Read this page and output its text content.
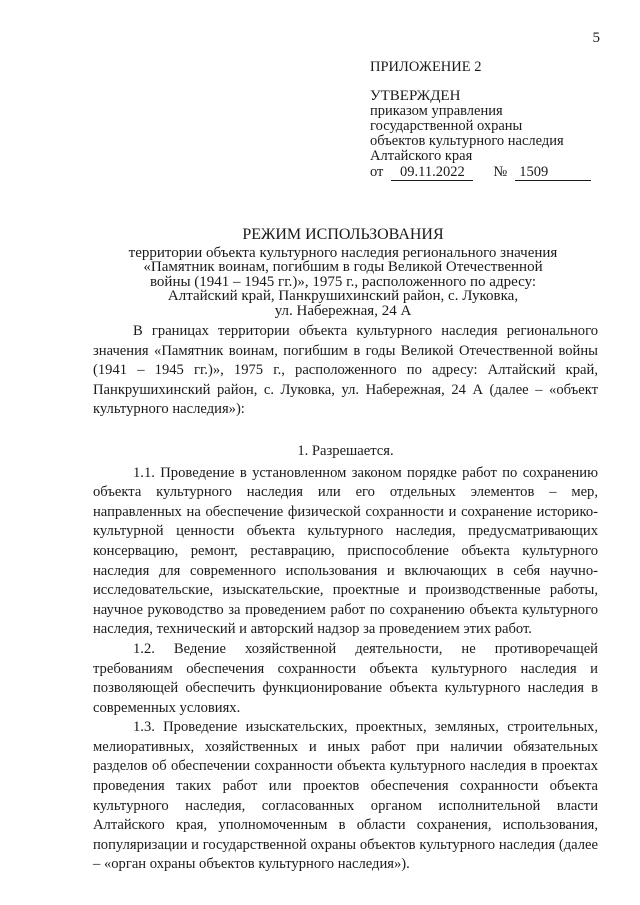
5
ПРИЛОЖЕНИЕ 2
УТВЕРЖДЕН
приказом управления
государственной охраны
объектов культурного наследия
Алтайского края
от	09.11.2022	№ 1509
РЕЖИМ ИСПОЛЬЗОВАНИЯ
территории объекта культурного наследия регионального значения
«Памятник воинам, погибшим в годы Великой Отечественной
войны (1941 – 1945 гг.)», 1975 г., расположенного по адресу:
Алтайский край, Панкрушихинский район, с. Луковка,
ул. Набережная, 24 А

В границах территории объекта культурного наследия регионального значения «Памятник воинам, погибшим в годы Великой Отечественной войны (1941 – 1945 гг.)», 1975 г., расположенного по адресу: Алтайский край, Панкрушихинский район, с. Луковка, ул. Набережная, 24 А (далее – «объект культурного наследия»):

1. Разрешается.

1.1. Проведение в установленном законом порядке работ по сохранению объекта культурного наследия или его отдельных элементов – мер, направленных на обеспечение физической сохранности и сохранение историко-культурной ценности объекта культурного наследия, предусматривающих консервацию, ремонт, реставрацию, приспособление объекта культурного наследия для современного использования и включающих в себя научно-исследовательские, изыскательские, проектные и производственные работы, научное руководство за проведением работ по сохранению объекта культурного наследия, технический и авторский надзор за проведением этих работ.

1.2. Ведение хозяйственной деятельности, не противоречащей требованиям обеспечения сохранности объекта культурного наследия и позволяющей обеспечить функционирование объекта культурного наследия в современных условиях.

1.3. Проведение изыскательских, проектных, земляных, строительных, мелиоративных, хозяйственных и иных работ при наличии обязательных разделов об обеспечении сохранности объекта культурного наследия в проектах проведения таких работ или проектов обеспечения сохранности объекта культурного наследия, согласованных органом исполнительной власти Алтайского края, уполномоченным в области сохранения, использования, популяризации и государственной охраны объектов культурного наследия (далее – «орган охраны объектов культурного наследия»).
